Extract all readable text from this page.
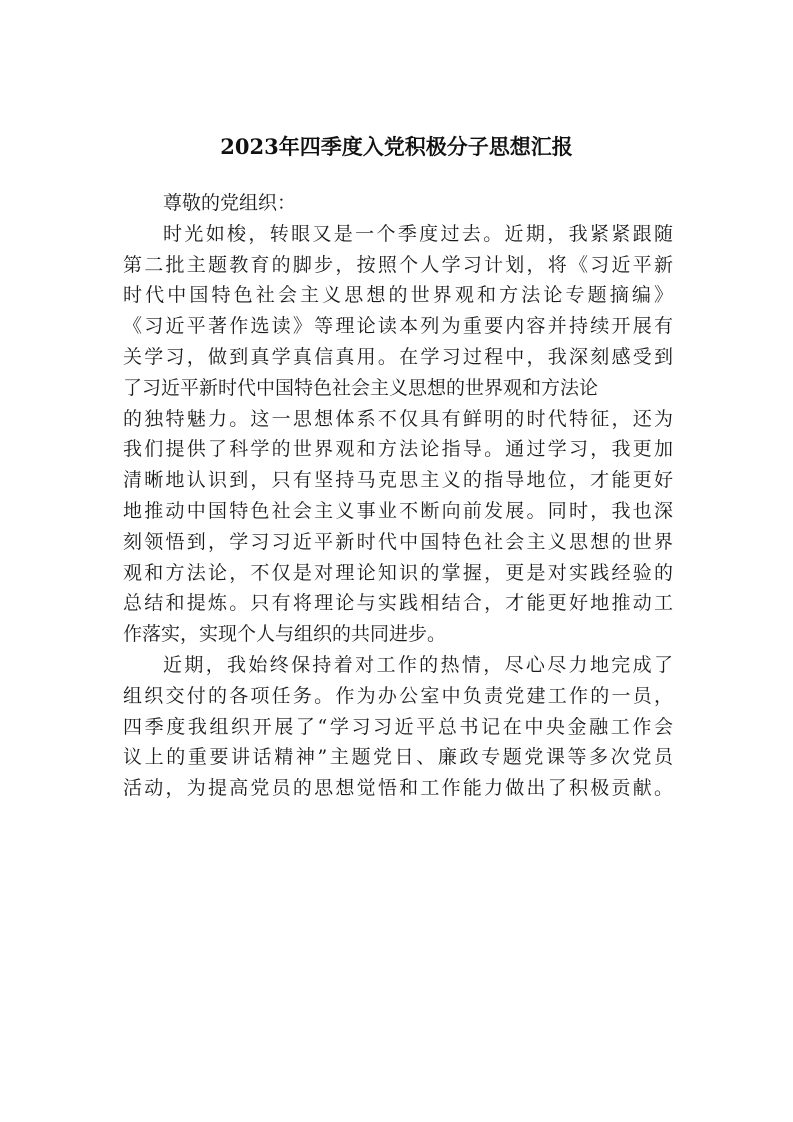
2023年四季度入党积极分子思想汇报
尊敬的党组织：
时光如梭，转眼又是一个季度过去。近期，我紧紧跟随
第二批主题教育的脚步，按照个人学习计划，将《习近平新
时代中国特色社会主义思想的世界观和方法论专题摘编》
《习近平著作选读》等理论读本列为重要内容并持续开展有
关学习，做到真学真信真用。在学习过程中，我深刻感受到
了习近平新时代中国特色社会主义思想的世界观和方法论
的独特魅力。这一思想体系不仅具有鲜明的时代特征，还为
我们提供了科学的世界观和方法论指导。通过学习，我更加
清晰地认识到，只有坚持马克思主义的指导地位，才能更好
地推动中国特色社会主义事业不断向前发展。同时，我也深
刻领悟到，学习习近平新时代中国特色社会主义思想的世界
观和方法论，不仅是对理论知识的掌握，更是对实践经验的
总结和提炼。只有将理论与实践相结合，才能更好地推动工
作落实，实现个人与组织的共同进步。
近期，我始终保持着对工作的热情，尽心尽力地完成了
组织交付的各项任务。作为办公室中负责党建工作的一员，
四季度我组织开展了“学习习近平总书记在中央金融工作会
议上的重要讲话精神”主题党日、廉政专题党课等多次党员
活动，为提高党员的思想觉悟和工作能力做出了积极贡献。
